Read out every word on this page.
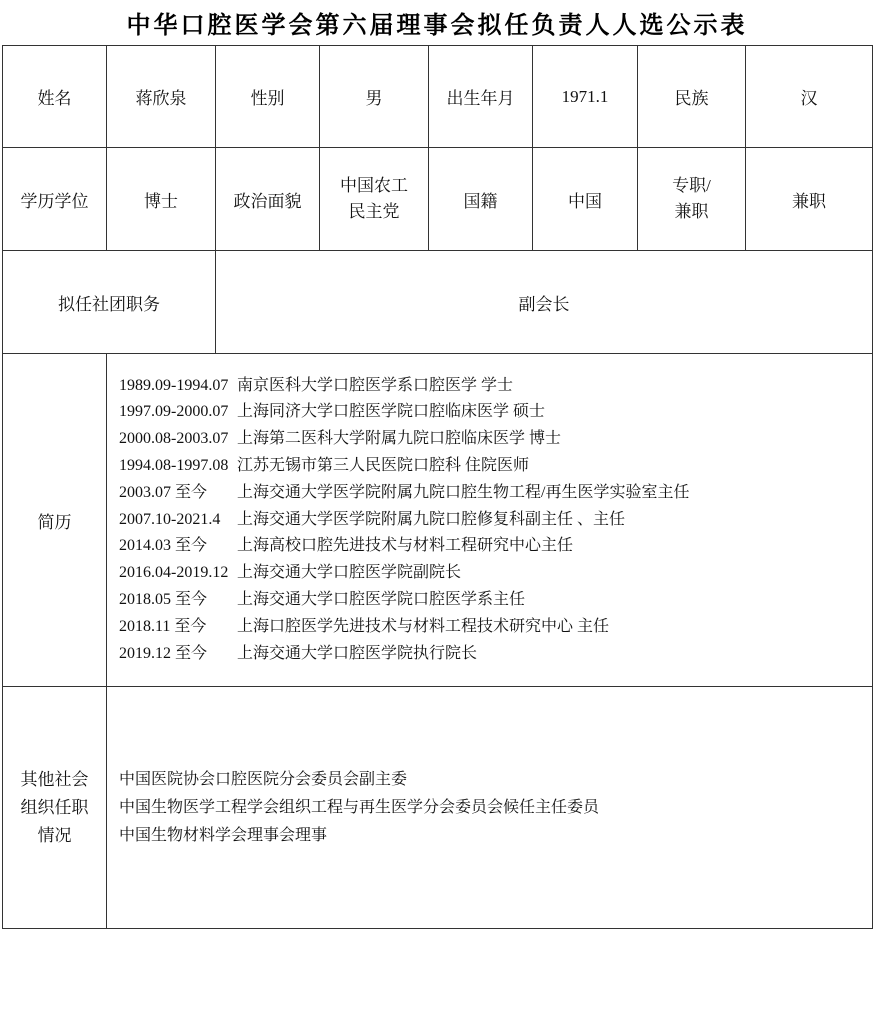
中华口腔医学会第六届理事会拟任负责人人选公示表
姓名	蒋欣泉	性别	男	出生年月	1971.1	民族	汉
学历学位	博士	政治面貌	中国农工民主党	国籍	中国	专职/兼职	兼职
拟任社团职务		副会长					
简历	
1989.09-1994.07 南京医科大学口腔医学系口腔医学 学士
1997.09-2000.07 上海同济大学口腔医学院口腔临床医学 硕士
2000.08-2003.07 上海第二医科大学附属九院口腔临床医学 博士
1994.08-1997.08 江苏无锡市第三人民医院口腔科 住院医师
2003.07 至今	上海交通大学医学院附属九院口腔生物工程/再生医学实验室主任
2007.10-2021.4	上海交通大学医学院附属九院口腔修复科副主任 、主任
2014.03 至今	上海高校口腔先进技术与材料工程研究中心主任
2016.04-2019.12 上海交通大学口腔医学院副院长
2018.05 至今	上海交通大学口腔医学院口腔医学系主任
2018.11 至今	上海口腔医学先进技术与材料工程技术研究中心 主任
2019.12 至今	上海交通大学口腔医学院执行院长

其他社会组织任职情况	中国医院协会口腔医院分会委员会副主委
中国生物医学工程学会组织工程与再生医学分会委员会候任主任委员
中国生物材料学会理事会理事						
